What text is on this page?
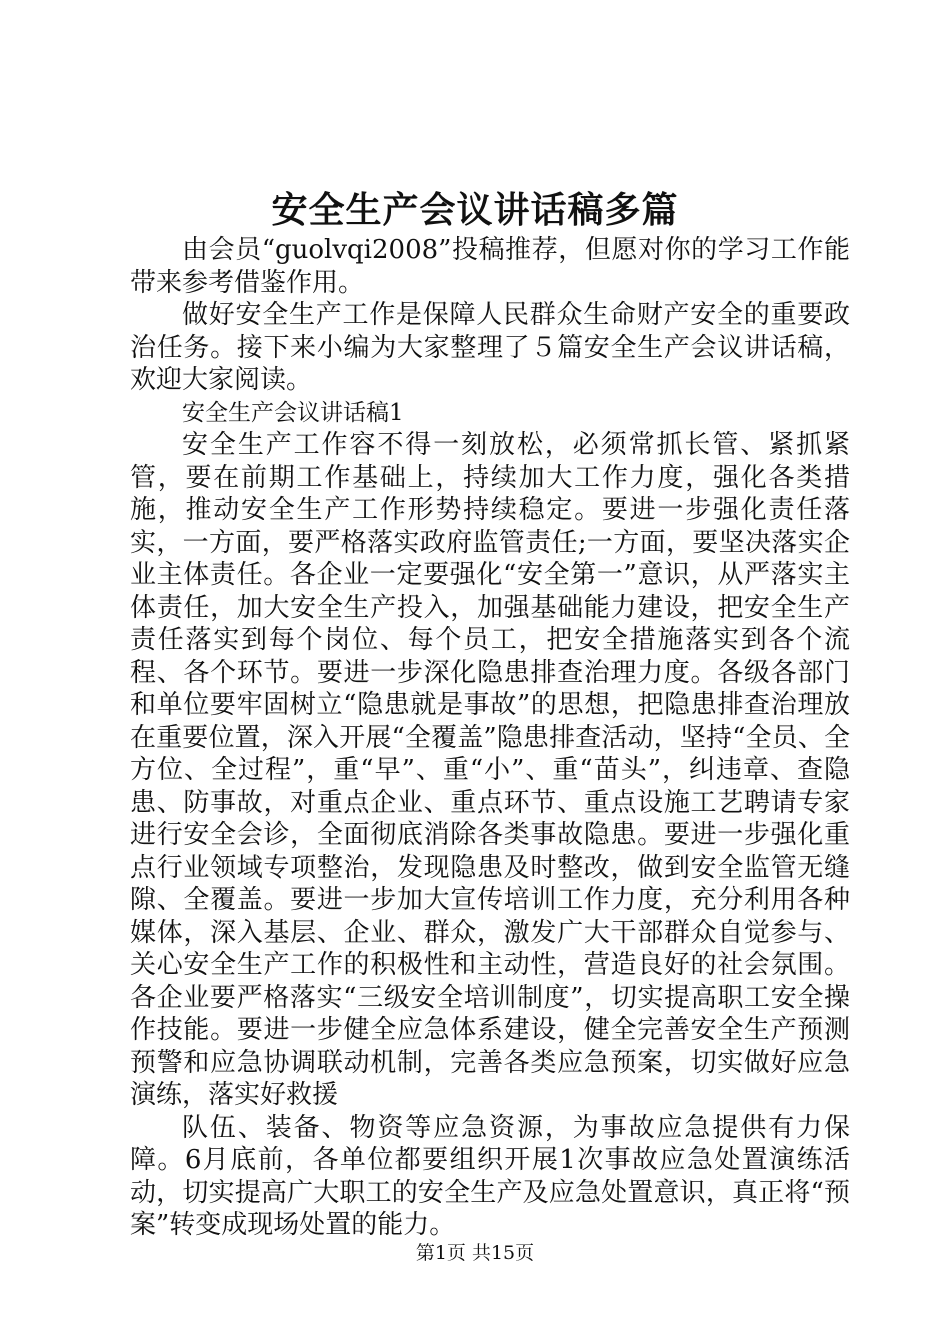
安全生产会议讲话稿多篇

由会员“guolvqi2008”投稿推荐，但愿对你的学习工作能带来参考借鉴作用。

做好安全生产工作是保障人民群众生命财产安全的重要政治任务。接下来小编为大家整理了５篇安全生产会议讲话稿，欢迎大家阅读。

安全生产会议讲话稿1

安全生产工作容不得一刻放松，必须常抓长管、紧抓紧管，要在前期工作基础上，持续加大工作力度，强化各类措施，推动安全生产工作形势持续稳定。要进一步强化责任落实，一方面，要严格落实政府监管责任;一方面，要坚决落实企业主体责任。各企业一定要强化“安全第一”意识，从严落实主体责任，加大安全生产投入，加强基础能力建设，把安全生产责任落实到每个岗位、每个员工，把安全措施落实到各个流程、各个环节。要进一步深化隐患排查治理力度。各级各部门和单位要牢固树立“隐患就是事故”的思想，把隐患排查治理放在重要位置，深入开展“全覆盖”隐患排查活动，坚持“全员、全方位、全过程”，重“早”、重“小”、重“苗头”，纠违章、查隐患、防事故，对重点企业、重点环节、重点设施工艺聘请专家进行安全会诊，全面彻底消除各类事故隐患。要进一步强化重点行业领域专项整治，发现隐患及时整改，做到安全监管无缝隙、全覆盖。要进一步加大宣传培训工作力度，充分利用各种媒体，深入基层、企业、群众，激发广大干部群众自觉参与、关心安全生产工作的积极性和主动性，营造良好的社会氛围。各企业要严格落实“三级安全培训制度”，切实提高职工安全操作技能。要进一步健全应急体系建设，健全完善安全生产预测预警和应急协调联动机制，完善各类应急预案，切实做好应急演练，落实好救援

队伍、装备、物资等应急资源，为事故应急提供有力保障。6月底前，各单位都要组织开展1次事故应急处置演练活动，切实提高广大职工的安全生产及应急处置意识，真正将“预案”转变成现场处置的能力。

第1页 共15页
